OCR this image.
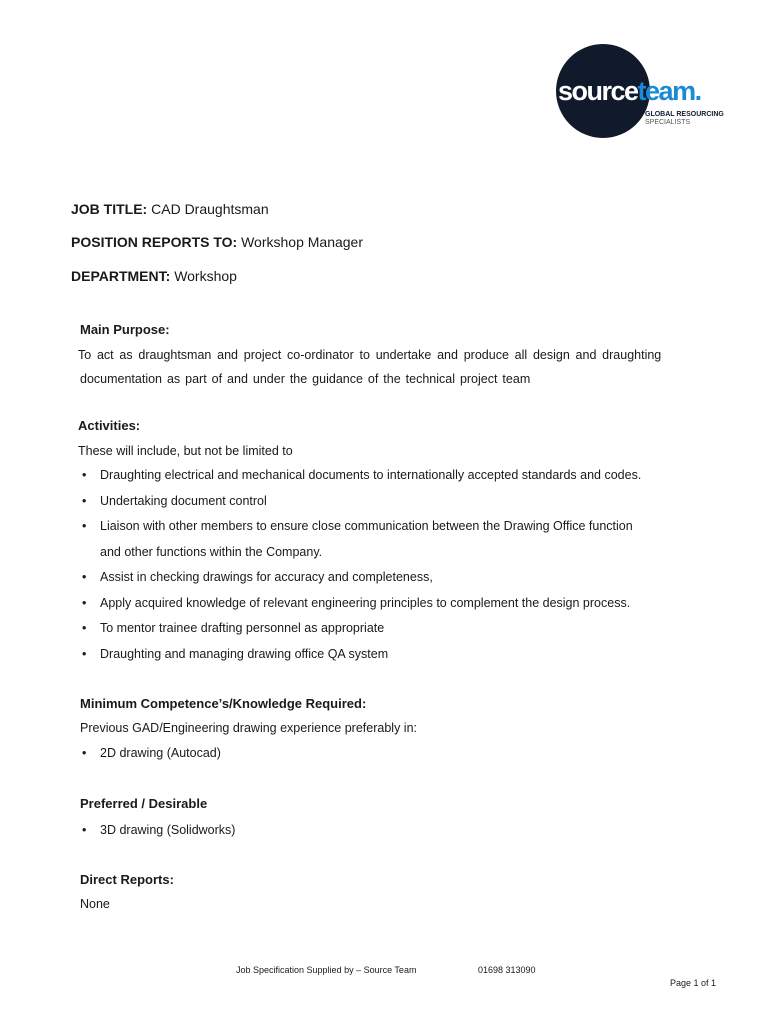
sourceteam.
GLOBAL RESOURCING
SPECIALISTS
JOB TITLE: CAD Draughtsman
POSITION REPORTS TO: Workshop Manager
DEPARTMENT: Workshop
Main Purpose:
To act as draughtsman and project co-ordinator to undertake and produce all design and draughting
documentation as part of and under the guidance of the technical project team
Activities:
These will include, but not be limited to
• Draughting electrical and mechanical documents to internationally accepted standards and codes.
• Undertaking document control
• Liaison with other members to ensure close communication between the Drawing Office function
and other functions within the Company.
• Assist in checking drawings for accuracy and completeness,
• Apply acquired knowledge of relevant engineering principles to complement the design process.
• To mentor trainee drafting personnel as appropriate
• Draughting and managing drawing office QA system
Minimum Competence’s/Knowledge Required:
Previous GAD/Engineering drawing experience preferably in:
• 2D drawing (Autocad)
Preferred / Desirable
• 3D drawing (Solidworks)
Direct Reports:
None
Job Specification Supplied by – Source Team	01698 313090
Page 1 of 1
